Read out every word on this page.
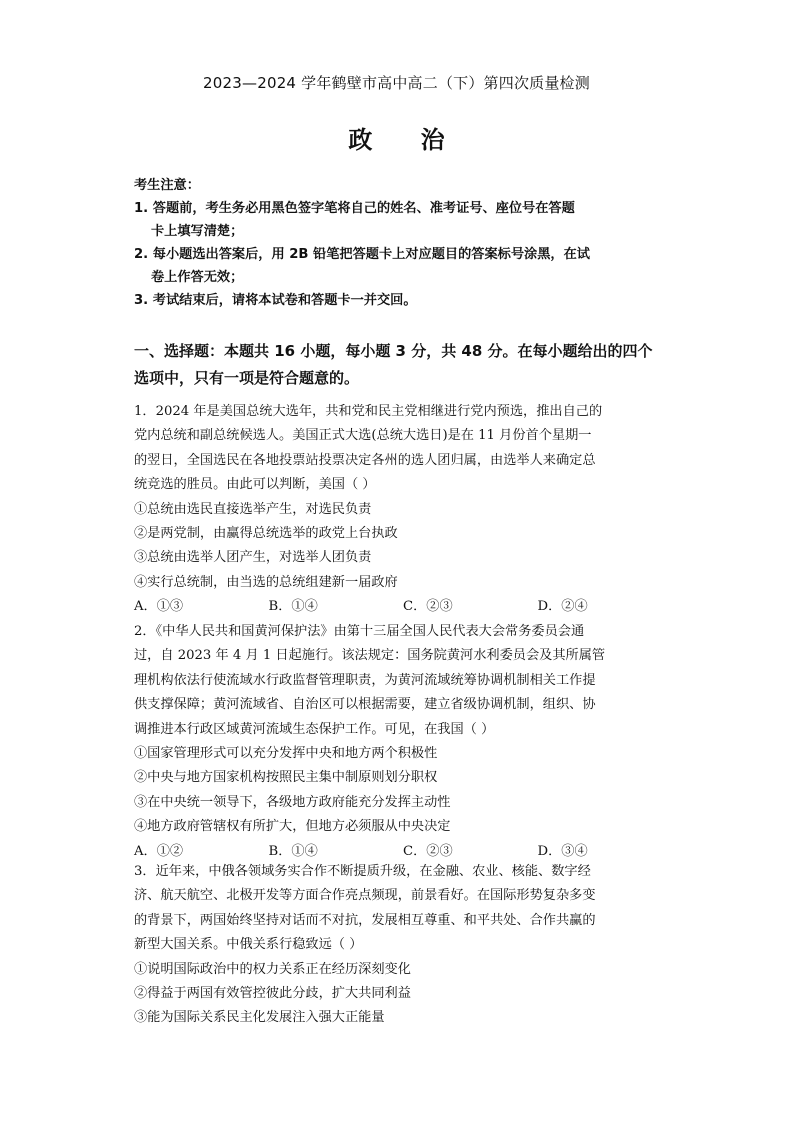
2023—2024 学年鹤壁市高中高二（下）第四次质量检测
政 治
考生注意：
1. 答题前，考生务必用黑色签字笔将自己的姓名、准考证号、座位号在答题
卡上填写清楚；
2. 每小题选出答案后，用 2B 铅笔把答题卡上对应题目的答案标号涂黑，在试
卷上作答无效；
3. 考试结束后，请将本试卷和答题卡一并交回。
一、选择题：本题共 16 小题，每小题 3 分，共 48 分。在每小题给出的四个
选项中，只有一项是符合题意的。
1．2024 年是美国总统大选年，共和党和民主党相继进行党内预选，推出自己的
党内总统和副总统候选人。美国正式大选(总统大选日)是在 11 月份首个星期一
的翌日，全国选民在各地投票站投票决定各州的选人团归属，由选举人来确定总
统竞选的胜员。由此可以判断，美国（ ）
①总统由选民直接选举产生，对选民负责
②是两党制，由赢得总统选举的政党上台执政
③总统由选举人团产生，对选举人团负责
④实行总统制，由当选的总统组建新一届政府
A．①③	B．①④	C．②③	D．②④
2．《中华人民共和国黄河保护法》由第十三届全国人民代表大会常务委员会通
过，自 2023 年 4 月 1 日起施行。该法规定：国务院黄河水利委员会及其所属管
理机构依法行使流域水行政监督管理职责，为黄河流域统筹协调机制相关工作提
供支撑保障；黄河流域省、自治区可以根据需要，建立省级协调机制，组织、协
调推进本行政区域黄河流域生态保护工作。可见，在我国（ ）
①国家管理形式可以充分发挥中央和地方两个积极性
②中央与地方国家机构按照民主集中制原则划分职权
③在中央统一领导下，各级地方政府能充分发挥主动性
④地方政府管辖权有所扩大，但地方必须服从中央决定
A．①②	B．①④	C．②③	D．③④
3．近年来，中俄各领域务实合作不断提质升级，在金融、农业、核能、数字经
济、航天航空、北极开发等方面合作亮点频现，前景看好。在国际形势复杂多变
的背景下，两国始终坚持对话而不对抗，发展相互尊重、和平共处、合作共赢的
新型大国关系。中俄关系行稳致远（ ）
①说明国际政治中的权力关系正在经历深刻变化
②得益于两国有效管控彼此分歧，扩大共同利益
③能为国际关系民主化发展注入强大正能量
